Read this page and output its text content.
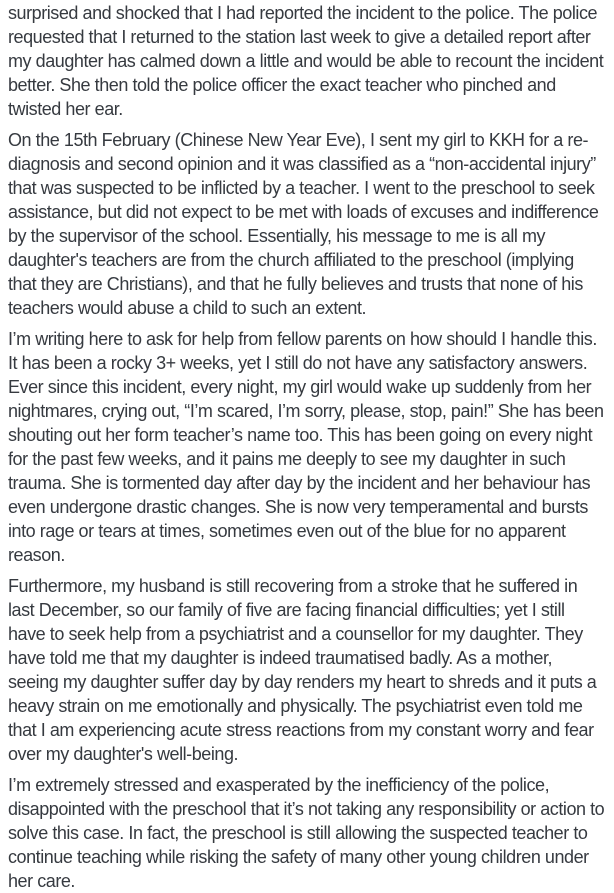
surprised and shocked that I had reported the incident to the police. The police requested that I returned to the station last week to give a detailed report after my daughter has calmed down a little and would be able to recount the incident better. She then told the police officer the exact teacher who pinched and twisted her ear.

On the 15th February (Chinese New Year Eve), I sent my girl to KKH for a re-diagnosis and second opinion and it was classified as a “non-accidental injury” that was suspected to be inflicted by a teacher. I went to the preschool to seek assistance, but did not expect to be met with loads of excuses and indifference by the supervisor of the school. Essentially, his message to me is all my daughter's teachers are from the church affiliated to the preschool (implying that they are Christians), and that he fully believes and trusts that none of his teachers would abuse a child to such an extent.

I’m writing here to ask for help from fellow parents on how should I handle this. It has been a rocky 3+ weeks, yet I still do not have any satisfactory answers. Ever since this incident, every night, my girl would wake up suddenly from her nightmares, crying out, “I’m scared, I’m sorry, please, stop, pain!” She has been shouting out her form teacher’s name too. This has been going on every night for the past few weeks, and it pains me deeply to see my daughter in such trauma. She is tormented day after day by the incident and her behaviour has even undergone drastic changes. She is now very temperamental and bursts into rage or tears at times, sometimes even out of the blue for no apparent reason.

Furthermore, my husband is still recovering from a stroke that he suffered in last December, so our family of five are facing financial difficulties; yet I still have to seek help from a psychiatrist and a counsellor for my daughter. They have told me that my daughter is indeed traumatised badly. As a mother, seeing my daughter suffer day by day renders my heart to shreds and it puts a heavy strain on me emotionally and physically. The psychiatrist even told me that I am experiencing acute stress reactions from my constant worry and fear over my daughter's well-being.

I’m extremely stressed and exasperated by the inefficiency of the police, disappointed with the preschool that it’s not taking any responsibility or action to solve this case. In fact, the preschool is still allowing the suspected teacher to continue teaching while risking the safety of many other young children under her care.
